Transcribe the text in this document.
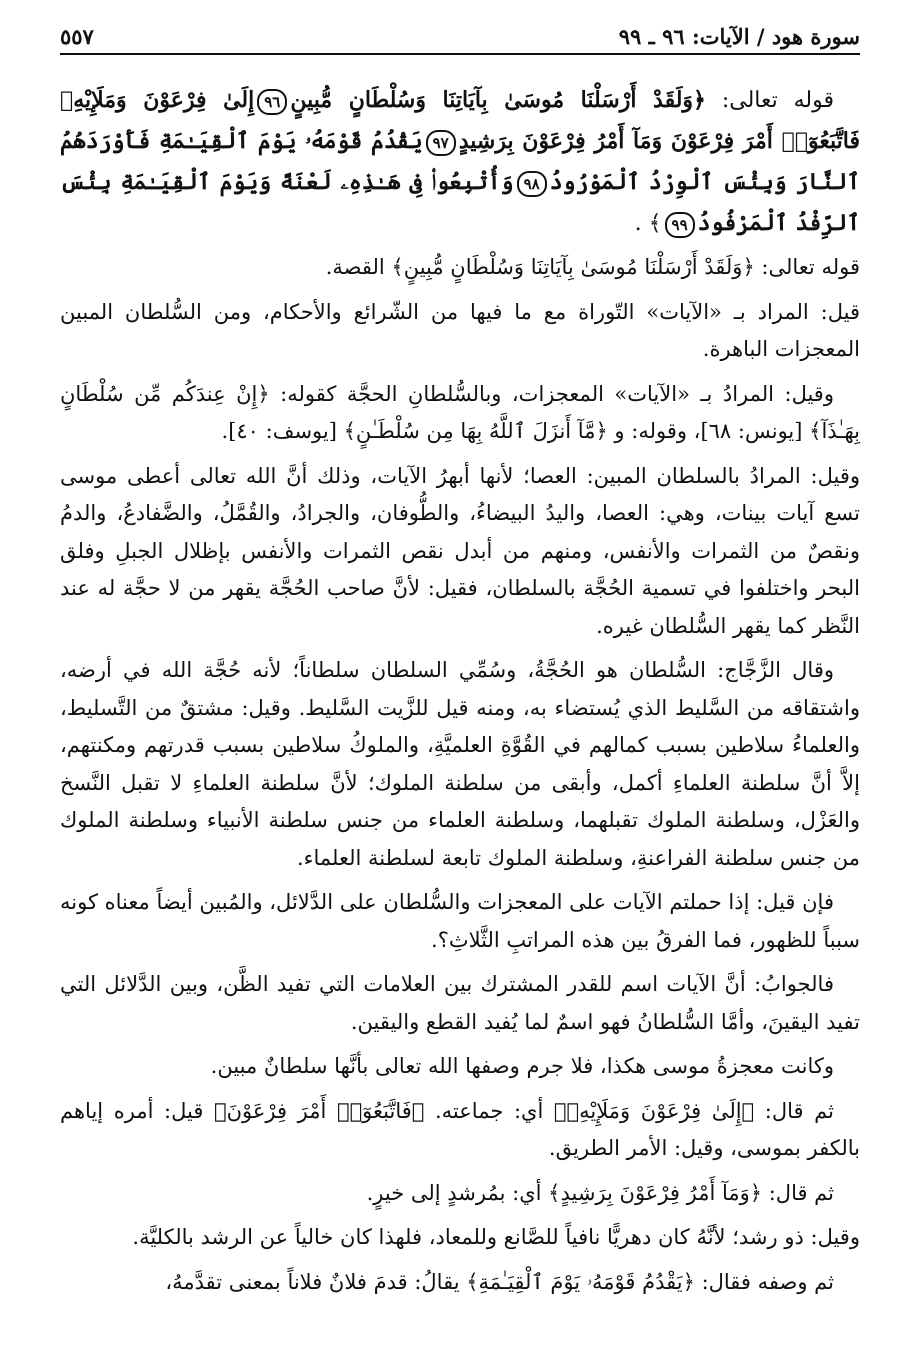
سورة هود / الآيات: ٩٦ ـ ٩٩
٥٥٧

قوله تعالى: ﴿وَلَقَدْ أَرْسَلْنَا مُوسَىٰ بِآيَاتِنَا وَسُلْطَانٍ مُّبِينٍ٩٦إِلَىٰ فِرْعَوْنَ وَمَلَإِيْهِۦ فَاتَّبَعُوٓا۟ أَمْرَ فِرْعَوْنَ وَمَآ أَمْرُ فِرْعَوْنَ بِرَشِيدٍ٩٧يَقْدُمُ قَوْمَهُۥ يَوْمَ ٱلْقِيَـٰمَةِ فَأَوْرَدَهُمُ ٱلنَّارَ وَبِئْسَ ٱلْوِرْدُ ٱلْمَوْرُودُ٩٨وَأُتْبِعُوا۟ فِى هَـٰذِهِۦ لَعْنَةً وَيَوْمَ ٱلْقِيَـٰمَةِ بِئْسَ ٱلرِّفْدُ ٱلْمَرْفُودُ٩٩﴾ .

قوله تعالى: ﴿وَلَقَدْ أَرْسَلْنَا مُوسَىٰ بِآيَاتِنَا وَسُلْطَانٍ مُّبِينٍ﴾ القصة.

قيل: المراد بـ «الآيات» التّوراة مع ما فيها من الشّرائع والأحكام، ومن السُّلطان المبين المعجزات الباهرة.

وقيل: المرادُ بـ «الآيات» المعجزات، وبالسُّلطانِ الحجَّة كقوله: ﴿إِنْ عِندَكُم مِّن سُلْطَانٍ بِهَـٰذَآ﴾ [يونس: ٦٨]، وقوله: و ﴿مَّآ أَنزَلَ ٱللَّهُ بِهَا مِن سُلْطَـٰنٍ﴾ [يوسف: ٤٠].

وقيل: المرادُ بالسلطان المبين: العصا؛ لأنها أبهرُ الآيات، وذلك أنَّ الله تعالى أعطى موسى تسع آيات بينات، وهي: العصا، واليدُ البيضاءُ، والطُّوفان، والجرادُ، والقُمَّلُ، والضَّفادعُ، والدمُ ونقصٌ من الثمرات والأنفس، ومنهم من أبدل نقص الثمرات والأنفس بإظلال الجبلِ وفلق البحر واختلفوا في تسمية الحُجَّة بالسلطان، فقيل: لأنَّ صاحب الحُجَّة يقهر من لا حجَّة له عند النَّظر كما يقهر السُّلطان غيره.

وقال الزَّجَّاج: السُّلطان هو الحُجَّةُ، وسُمِّي السلطان سلطاناً؛ لأنه حُجَّة الله في أرضه، واشتقاقه من السَّليط الذي يُستضاء به، ومنه قيل للزَّيت السَّليط. وقيل: مشتقٌ من التَّسليط، والعلماءُ سلاطين بسبب كمالهم في القُوَّةِ العلميَّةِ، والملوكُ سلاطين بسبب قدرتهم ومكنتهم، إلاَّ أنَّ سلطنة العلماءِ أكمل، وأبقى من سلطنة الملوك؛ لأنَّ سلطنة العلماءِ لا تقبل النَّسخ والعَزْل، وسلطنة الملوك تقبلهما، وسلطنة العلماء من جنس سلطنة الأنبياء وسلطنة الملوك من جنس سلطنة الفراعنةِ، وسلطنة الملوك تابعة لسلطنة العلماء.

فإن قيل: إذا حملتم الآيات على المعجزات والسُّلطان على الدَّلائل، والمُبين أيضاً معناه كونه سبباً للظهور، فما الفرقُ بين هذه المراتبِ الثَّلاثِ؟.

فالجوابُ: أنَّ الآيات اسم للقدر المشترك بين العلامات التي تفيد الظَّن، وبين الدَّلائل التي تفيد اليقينَ، وأمَّا السُّلطانُ فهو اسمٌ لما يُفيد القطع واليقين.

وكانت معجزةُ موسى هكذا، فلا جرم وصفها الله تعالى بأنَّها سلطانٌ مبين.

ثم قال: ﴿إِلَىٰ فِرْعَوْنَ وَمَلَإِيْهِۦ﴾ أي: جماعته. ﴿فَاتَّبَعُوٓا۟ أَمْرَ فِرْعَوْنَ﴾ قيل: أمره إياهم بالكفر بموسى، وقيل: الأمر الطريق.

ثم قال: ﴿وَمَآ أَمْرُ فِرْعَوْنَ بِرَشِيدٍ﴾ أي: بمُرشدٍ إلى خيرٍ.

وقيل: ذو رشد؛ لأنَّهُ كان دهريًّا نافياً للصَّانع وللمعاد، فلهذا كان خالياً عن الرشد بالكليَّة.

ثم وصفه فقال: ﴿يَقْدُمُ قَوْمَهُۥ يَوْمَ ٱلْقِيَـٰمَةِ﴾ يقالُ: قدمَ فلانٌ فلاناً بمعنى تقدَّمهُ،
